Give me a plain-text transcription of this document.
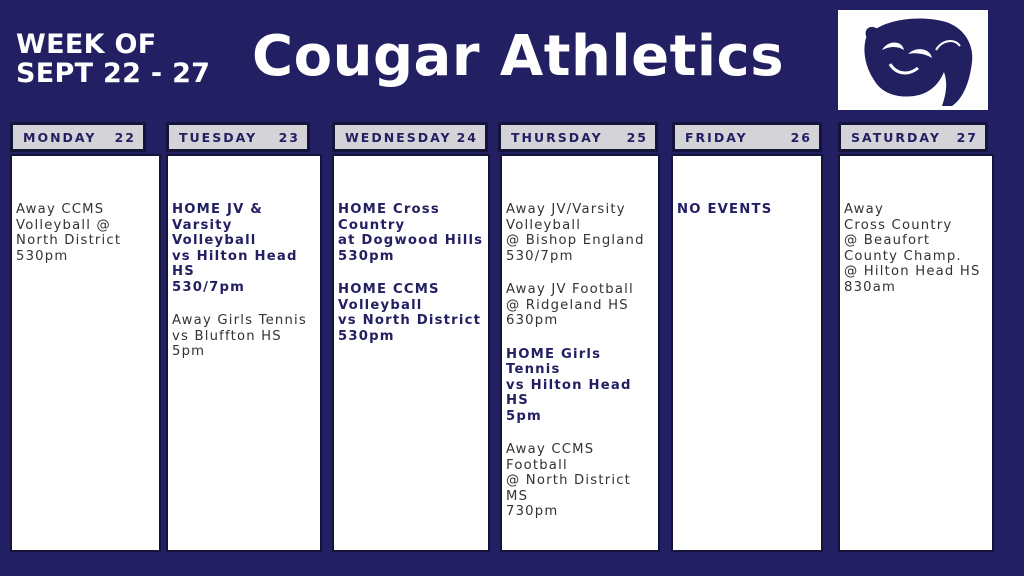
WEEK OF
SEPT 22 - 27 Cougar Athletics
MONDAY 22
Away CCMS
Volleyball @
North District
530pm
TUESDAY 23
HOME JV &
Varsity Volleyball
vs Hilton Head HS
530/7pm
Away Girls Tennis
vs Bluffton HS
5pm
WEDNESDAY 24
HOME Cross
Country
at Dogwood Hills
530pm
HOME CCMS
Volleyball
vs North District
530pm
THURSDAY 25
Away JV/Varsity
Volleyball
@ Bishop England
530/7pm
Away JV Football
@ Ridgeland HS
630pm
HOME Girls Tennis
vs Hilton Head HS
5pm
Away CCMS
Football
@ North District
MS
730pm
FRIDAY	26
NO EVENTS
SATURDAY 27
Away
Cross Country
@ Beaufort
County Champ.
@ Hilton Head HS
830am
